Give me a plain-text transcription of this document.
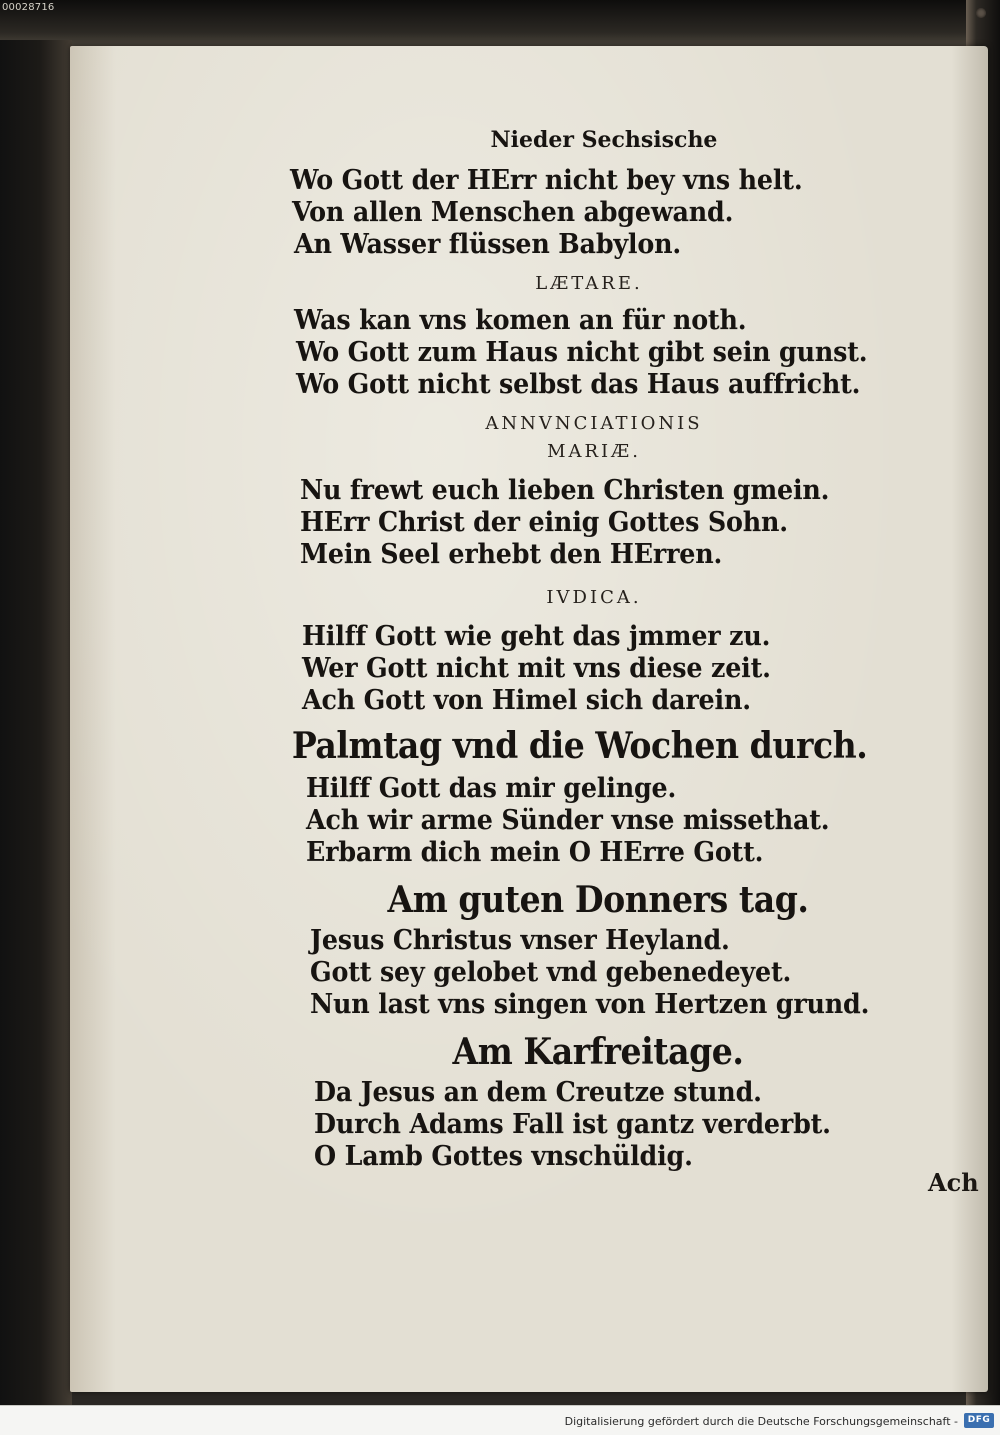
00028716
Nieder Sechsische
Wo Gott der HErr nicht bey vns helt.
Von allen Menschen abgewand.
An Wasser flüssen Babylon.
LÆTARE.
Was kan vns komen an für noth.
Wo Gott zum Haus nicht gibt sein gunst.
Wo Gott nicht selbst das Haus auffricht.
ANNVNCIATIONIS
MARIÆ.
Nu frewt euch lieben Christen gmein.
HErr Christ der einig Gottes Sohn.
Mein Seel erhebt den HErren.
IVDICA.
Hilff Gott wie geht das jmmer zu.
Wer Gott nicht mit vns diese zeit.
Ach Gott von Himel sich darein.
Palmtag vnd die Wochen durch.
Hilff Gott das mir gelinge.
Ach wir arme Sünder vnse missethat.
Erbarm dich mein O HErre Gott.
Am guten Donners tag.
Jesus Christus vnser Heyland.
Gott sey gelobet vnd gebenedeyet.
Nun last vns singen von Hertzen grund.
Am Karfreitage.
Da Jesus an dem Creutze stund.
Durch Adams Fall ist gantz verderbt.
O Lamb Gottes vnschüldig.
Ach
Digitalisierung gefördert durch die Deutsche Forschungsgemeinschaft -	DFG
